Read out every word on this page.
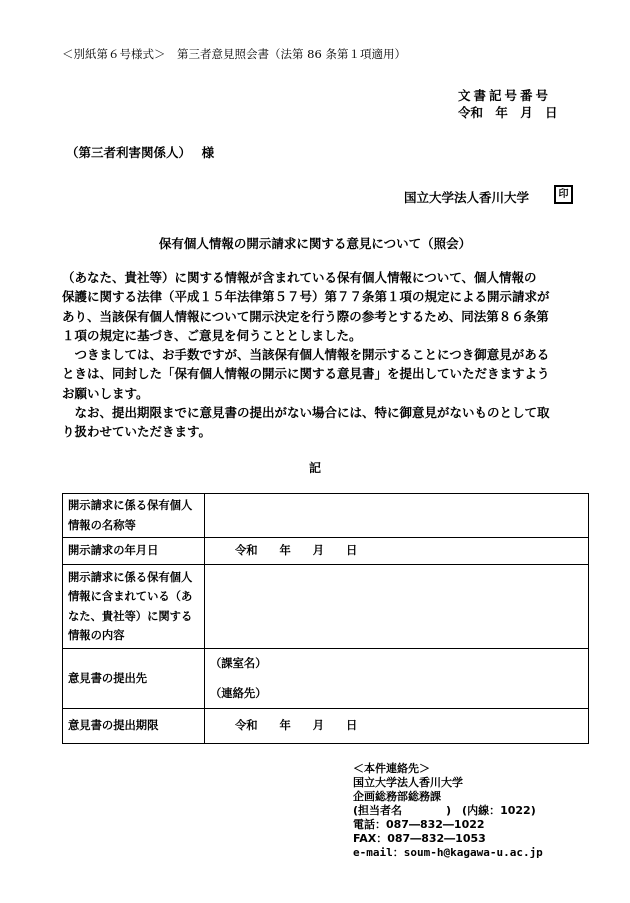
＜別紙第６号様式＞　第三者意見照会書（法第 86 条第１項適用）
文書記号番号
令和 年 月 日
（第三者利害関係人）　 様
国立大学法人香川大学	印
保有個人情報の開示請求に関する意見について（照会）

（あなた、貴社等）に関する情報が含まれている保有個人情報について、個人情報の

保護に関する法律（平成１５年法律第５７号）第７７条第１項の規定による開示請求が

あり、当該保有個人情報について開示決定を行う際の参考とするため、同法第８６条第

１項の規定に基づき、ご意見を伺うこととしました。

　つきましては、お手数ですが、当該保有個人情報を開示することにつき御意見がある

ときは、同封した「保有個人情報の開示に関する意見書」を提出していただきますよう

お願いします。

　なお、提出期限までに意見書の提出がない場合には、特に御意見がないものとして取

り扱わせていただきます。

記
開示請求に係る保有個人
情報の名称等	

開示請求の年月日	令和 年 月 日

開示請求に係る保有個人
情報に含まれている（あ
なた、貴社等）に関する
情報の内容	

意見書の提出先	（課室名）
（連絡先）

意見書の提出期限	令和 年 月 日
＜本件連絡先＞
国立大学法人香川大学
企画総務部総務課
(担当者名　　　　)　(内線：1022)
電話：087―832―1022
FAX：087―832―1053
e-mail：soum-h@kagawa-u.ac.jp
